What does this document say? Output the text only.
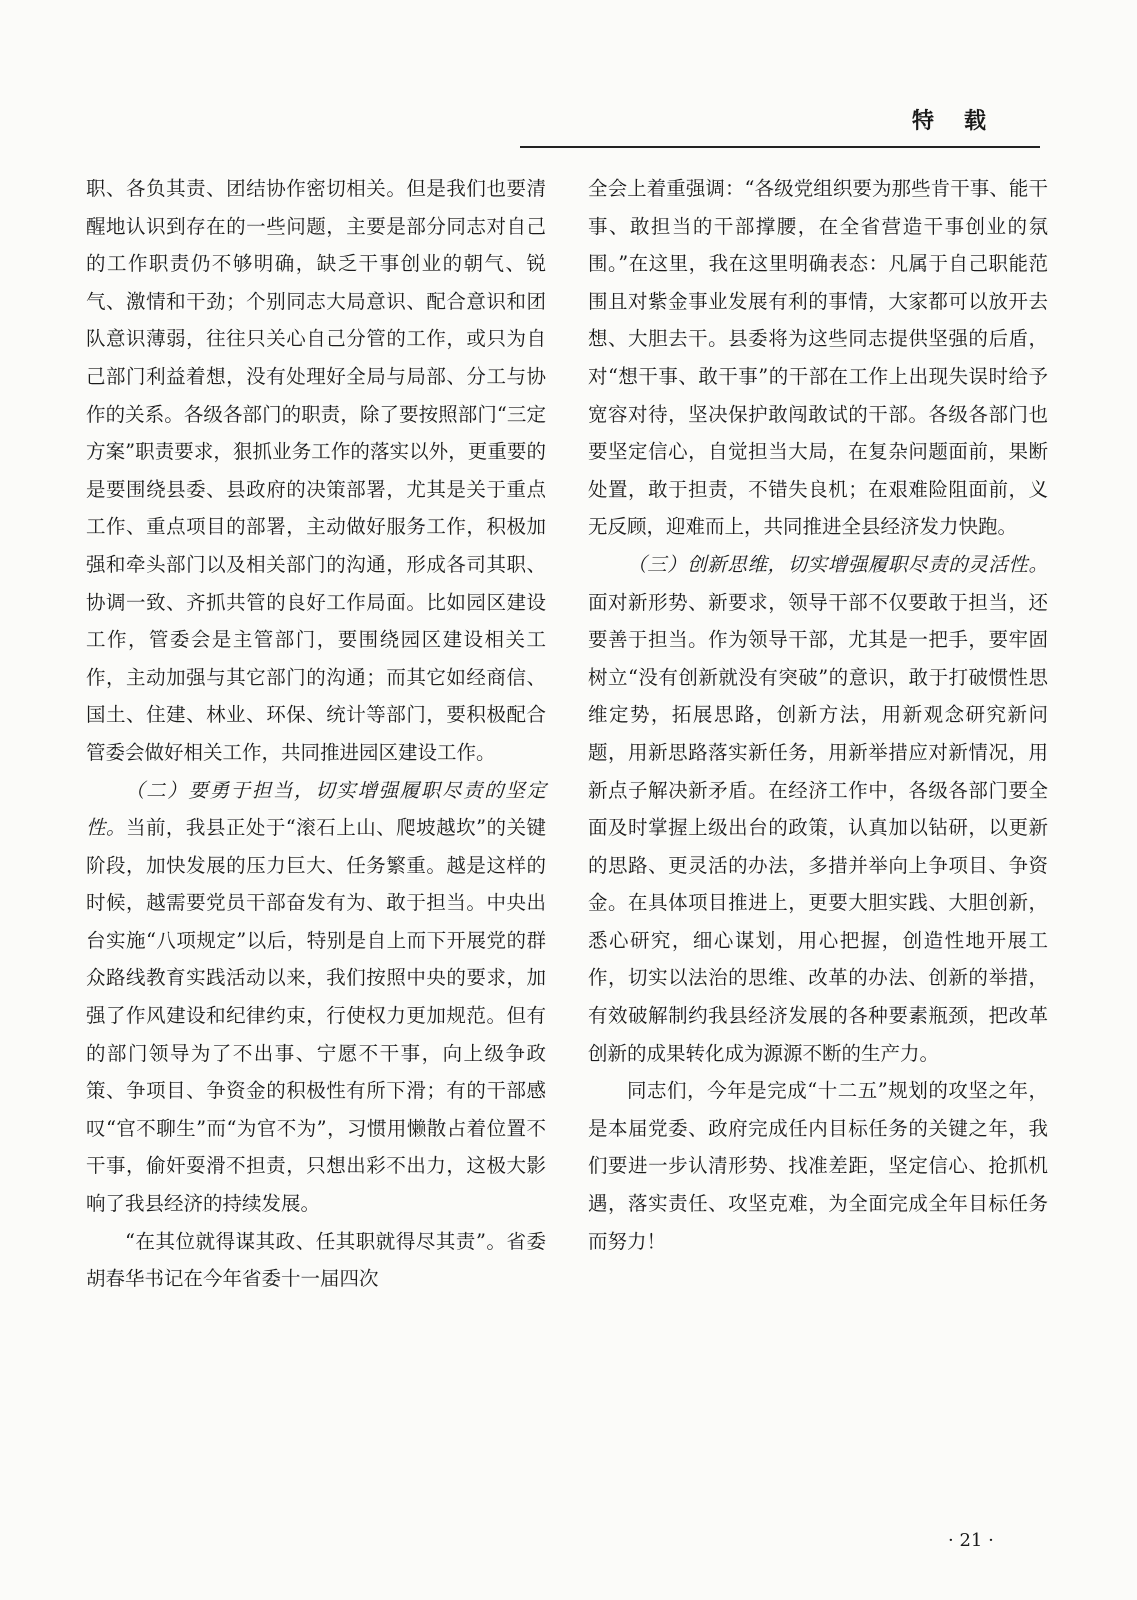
特载

职、各负其责、团结协作密切相关。但是我们也要清醒地认识到存在的一些问题，主要是部分同志对自己的工作职责仍不够明确，缺乏干事创业的朝气、锐气、激情和干劲；个别同志大局意识、配合意识和团队意识薄弱，往往只关心自己分管的工作，或只为自己部门利益着想，没有处理好全局与局部、分工与协作的关系。各级各部门的职责，除了要按照部门“三定方案”职责要求，狠抓业务工作的落实以外，更重要的是要围绕县委、县政府的决策部署，尤其是关于重点工作、重点项目的部署，主动做好服务工作，积极加强和牵头部门以及相关部门的沟通，形成各司其职、协调一致、齐抓共管的良好工作局面。比如园区建设工作，管委会是主管部门，要围绕园区建设相关工作，主动加强与其它部门的沟通；而其它如经商信、国土、住建、林业、环保、统计等部门，要积极配合管委会做好相关工作，共同推进园区建设工作。

（二）要勇于担当，切实增强履职尽责的坚定性。当前，我县正处于“滚石上山、爬坡越坎”的关键阶段，加快发展的压力巨大、任务繁重。越是这样的时候，越需要党员干部奋发有为、敢于担当。中央出台实施“八项规定”以后，特别是自上而下开展党的群众路线教育实践活动以来，我们按照中央的要求，加强了作风建设和纪律约束，行使权力更加规范。但有的部门领导为了不出事、宁愿不干事，向上级争政策、争项目、争资金的积极性有所下滑；有的干部感叹“官不聊生”而“为官不为”，习惯用懒散占着位置不干事，偷奸耍滑不担责，只想出彩不出力，这极大影响了我县经济的持续发展。

“在其位就得谋其政、任其职就得尽其责”。省委胡春华书记在今年省委十一届四次

全会上着重强调：“各级党组织要为那些肯干事、能干事、敢担当的干部撑腰，在全省营造干事创业的氛围。”在这里，我在这里明确表态：凡属于自己职能范围且对紫金事业发展有利的事情，大家都可以放开去想、大胆去干。县委将为这些同志提供坚强的后盾，对“想干事、敢干事”的干部在工作上出现失误时给予宽容对待，坚决保护敢闯敢试的干部。各级各部门也要坚定信心，自觉担当大局，在复杂问题面前，果断处置，敢于担责，不错失良机；在艰难险阻面前，义无反顾，迎难而上，共同推进全县经济发力快跑。

（三）创新思维，切实增强履职尽责的灵活性。面对新形势、新要求，领导干部不仅要敢于担当，还要善于担当。作为领导干部，尤其是一把手，要牢固树立“没有创新就没有突破”的意识，敢于打破惯性思维定势，拓展思路，创新方法，用新观念研究新问题，用新思路落实新任务，用新举措应对新情况，用新点子解决新矛盾。在经济工作中，各级各部门要全面及时掌握上级出台的政策，认真加以钻研，以更新的思路、更灵活的办法，多措并举向上争项目、争资金。在具体项目推进上，更要大胆实践、大胆创新，悉心研究，细心谋划，用心把握，创造性地开展工作，切实以法治的思维、改革的办法、创新的举措，有效破解制约我县经济发展的各种要素瓶颈，把改革创新的成果转化成为源源不断的生产力。

同志们，今年是完成“十二五”规划的攻坚之年，是本届党委、政府完成任内目标任务的关键之年，我们要进一步认清形势、找准差距，坚定信心、抢抓机遇，落实责任、攻坚克难，为全面完成全年目标任务而努力！

· 21 ·
